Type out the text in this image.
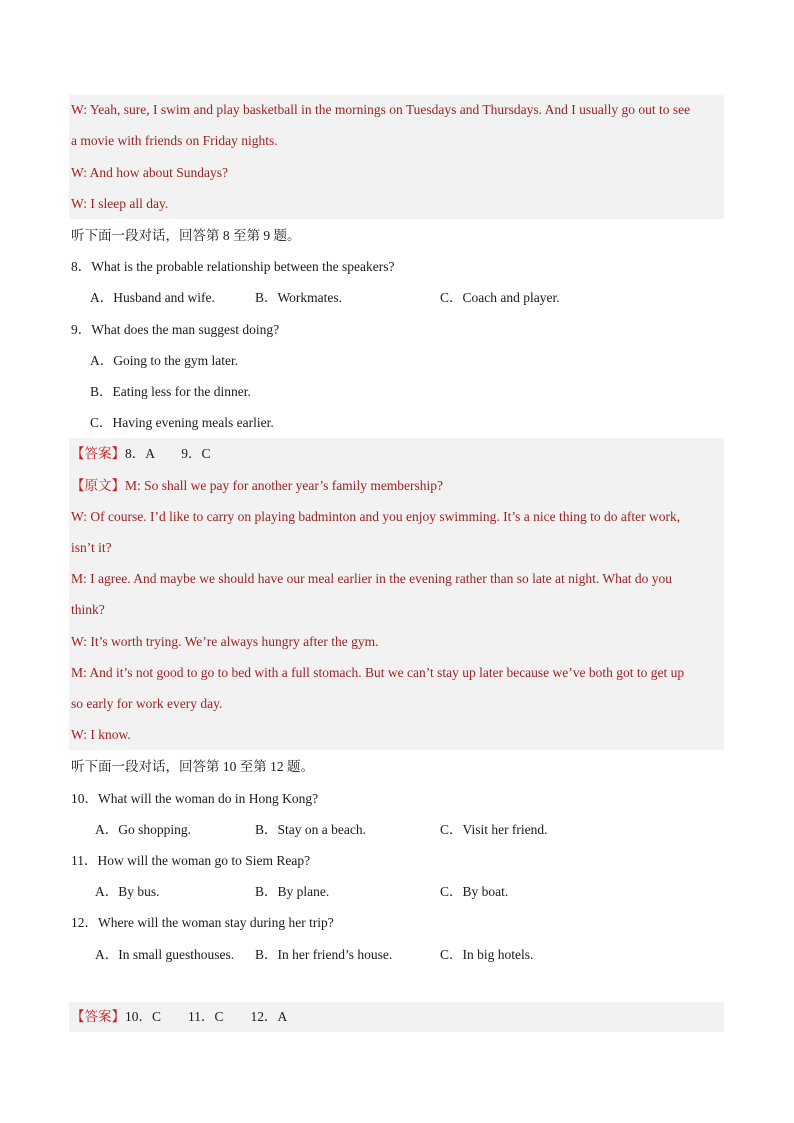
W: Yeah, sure, I swim and play basketball in the mornings on Tuesdays and Thursdays. And I usually go out to see
a movie with friends on Friday nights.
W: And how about Sundays?
W: I sleep all day.
听下面一段对话，回答第 8 至第 9 题。
8．What is the probable relationship between the speakers?
A．Husband and wife.	B．Workmates.	C．Coach and player.
9．What does the man suggest doing?
A．Going to the gym later.
B．Eating less for the dinner.
C．Having evening meals earlier.
【答案】8．A　　9．C
【原文】M: So shall we pay for another year’s family membership?
W: Of course. I’d like to carry on playing badminton and you enjoy swimming. It’s a nice thing to do after work,
isn’t it?
M: I agree. And maybe we should have our meal earlier in the evening rather than so late at night. What do you
think?
W: It’s worth trying. We’re always hungry after the gym.
M: And it’s not good to go to bed with a full stomach. But we can’t stay up later because we’ve both got to get up
so early for work every day.
W: I know.
听下面一段对话，回答第 10 至第 12 题。
10．What will the woman do in Hong Kong?
A．Go shopping.	B．Stay on a beach.	C．Visit her friend.
11．How will the woman go to Siem Reap?
A．By bus.	B．By plane.	C．By boat.
12．Where will the woman stay during her trip?
A．In small guesthouses. B．In her friend’s house.	C．In big hotels.
【答案】10．C　　11．C　　12．A
